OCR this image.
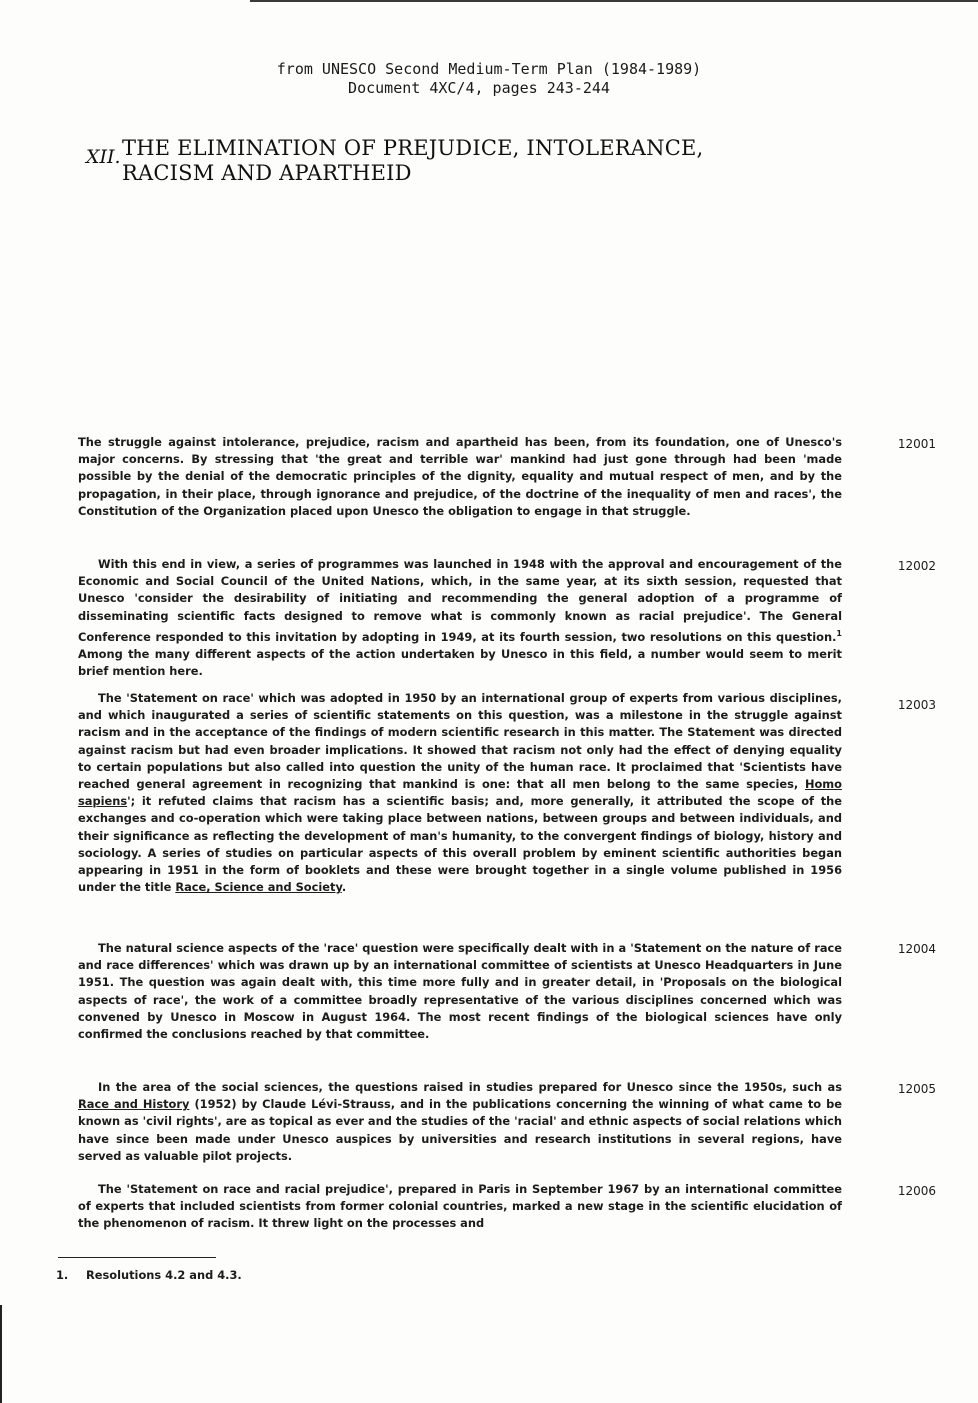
from UNESCO Second Medium-Term Plan (1984-1989)
Document 4XC/4, pages 243-244
XII. THE ELIMINATION OF PREJUDICE, INTOLERANCE,
RACISM AND APARTHEID
The struggle against intolerance, prejudice, racism and apartheid has been, from its foundation, one of Unesco's major concerns. By stressing that 'the great and terrible war' mankind had just gone through had been 'made possible by the denial of the democratic principles of the dignity, equality and mutual respect of men, and by the propagation, in their place, through ignorance and prejudice, of the doctrine of the inequality of men and races', the Constitution of the Organization placed upon Unesco the obligation to engage in that struggle.
12001
With this end in view, a series of programmes was launched in 1948 with the approval and encouragement of the Economic and Social Council of the United Nations, which, in the same year, at its sixth session, requested that Unesco 'consider the desirability of initiating and recommending the general adoption of a programme of disseminating scientific facts designed to remove what is commonly known as racial prejudice'. The General Conference responded to this invitation by adopting in 1949, at its fourth session, two resolutions on this question.$^1$ Among the many different aspects of the action undertaken by Unesco in this field, a number would seem to merit brief mention here.
12002
The 'Statement on race' which was adopted in 1950 by an international group of experts from various disciplines, and which inaugurated a series of scientific statements on this question, was a milestone in the struggle against racism and in the acceptance of the findings of modern scientific research in this matter. The Statement was directed against racism but had even broader implications. It showed that racism not only had the effect of denying equality to certain populations but also called into question the unity of the human race. It proclaimed that 'Scientists have reached general agreement in recognizing that mankind is one: that all men belong to the same species, Homo sapiens'; it refuted claims that racism has a scientific basis; and, more generally, it attributed the scope of the exchanges and co-operation which were taking place between nations, between groups and between individuals, and their significance as reflecting the development of man's humanity, to the convergent findings of biology, history and sociology. A series of studies on particular aspects of this overall problem by eminent scientific authorities began appearing in 1951 in the form of booklets and these were brought together in a single volume published in 1956 under the title Race, Science and Society.
12003
The natural science aspects of the 'race' question were specifically dealt with in a 'Statement on the nature of race and race differences' which was drawn up by an international committee of scientists at Unesco Headquarters in June 1951. The question was again dealt with, this time more fully and in greater detail, in 'Proposals on the biological aspects of race', the work of a committee broadly representative of the various disciplines concerned which was convened by Unesco in Moscow in August 1964. The most recent findings of the biological sciences have only confirmed the conclusions reached by that committee.
12004
In the area of the social sciences, the questions raised in studies prepared for Unesco since the 1950s, such as Race and History (1952) by Claude Lévi-Strauss, and in the publications concerning the winning of what came to be known as 'civil rights', are as topical as ever and the studies of the 'racial' and ethnic aspects of social relations which have since been made under Unesco auspices by universities and research institutions in several regions, have served as valuable pilot projects.
12005
The 'Statement on race and racial prejudice', prepared in Paris in September 1967 by an international committee of experts that included scientists from former colonial countries, marked a new stage in the scientific elucidation of the phenomenon of racism. It threw light on the processes and
12006
1. Resolutions 4.2 and 4.3.
